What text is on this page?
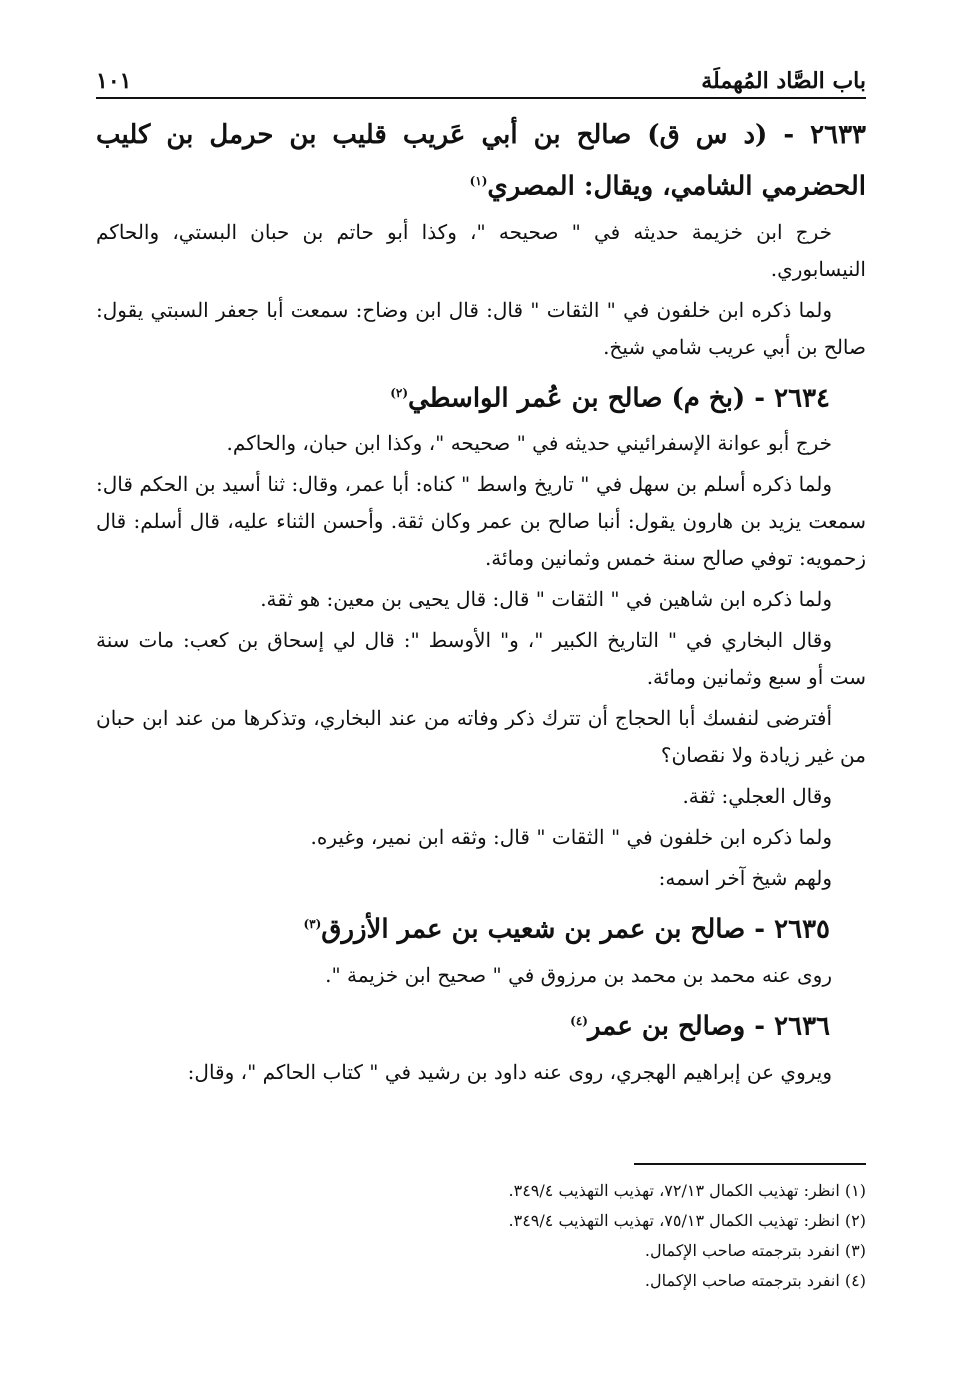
باب الصَّاد المُهملَة
١٠١
٢٦٣٣ - (د س ق) صالح بن أبي عَريب قليب بن حرمل بن كليب الحضرمي الشامي، ويقال: المصري$^{(١)}$
خرج ابن خزيمة حديثه في " صحيحه "، وكذا أبو حاتم بن حبان البستي، والحاكم النيسابوري.
ولما ذكره ابن خلفون في " الثقات " قال: قال ابن وضاح: سمعت أبا جعفر السبتي يقول: صالح بن أبي عريب شامي شيخ.
٢٦٣٤ - (بخ م) صالح بن عُمر الواسطي$^{(٢)}$
خرج أبو عوانة الإسفرائيني حديثه في " صحيحه "، وكذا ابن حبان، والحاكم.
ولما ذكره أسلم بن سهل في " تاريخ واسط " كناه: أبا عمر، وقال: ثنا أسيد بن الحكم قال: سمعت يزيد بن هارون يقول: أنبا صالح بن عمر وكان ثقة. وأحسن الثناء عليه، قال أسلم: قال زحمويه: توفي صالح سنة خمس وثمانين ومائة.
ولما ذكره ابن شاهين في " الثقات " قال: قال يحيى بن معين: هو ثقة.
وقال البخاري في " التاريخ الكبير "، و" الأوسط ": قال لي إسحاق بن كعب: مات سنة ست أو سبع وثمانين ومائة.
أفترضى لنفسك أبا الحجاج أن تترك ذكر وفاته من عند البخاري، وتذكرها من عند ابن حبان من غير زيادة ولا نقصان؟
وقال العجلي: ثقة.
ولما ذكره ابن خلفون في " الثقات " قال: وثقه ابن نمير، وغيره.
ولهم شيخ آخر اسمه:
٢٦٣٥ - صالح بن عمر بن شعيب بن عمر الأزرق$^{(٣)}$
روى عنه محمد بن محمد بن مرزوق في " صحيح ابن خزيمة ".
٢٦٣٦ - وصالح بن عمر$^{(٤)}$
ويروي عن إبراهيم الهجري، روى عنه داود بن رشيد في " كتاب الحاكم "، وقال:
(١) انظر: تهذيب الكمال ٧٢/١٣، تهذيب التهذيب ٣٤٩/٤.
(٢) انظر: تهذيب الكمال ٧٥/١٣، تهذيب التهذيب ٣٤٩/٤.
(٣) انفرد بترجمته صاحب الإكمال.
(٤) انفرد بترجمته صاحب الإكمال.
